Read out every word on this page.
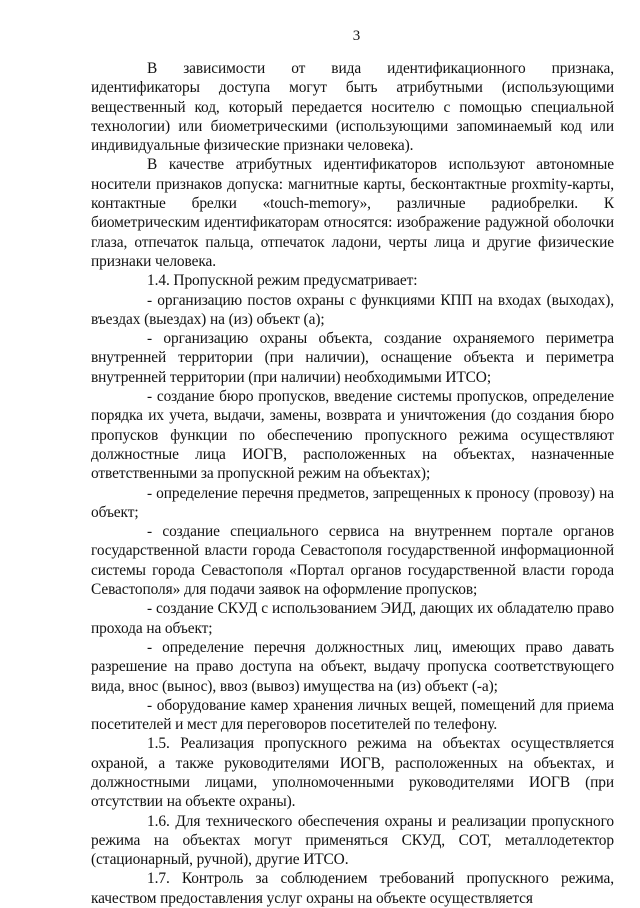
3

В зависимости от вида идентификационного признака, идентификаторы доступа могут быть атрибутными (использующими вещественный код, который передается носителю с помощью специальной технологии) или биометрическими (использующими запоминаемый код или индивидуальные физические признаки человека).

В качестве атрибутных идентификаторов используют автономные носители признаков допуска: магнитные карты, бесконтактные proxmity-карты, контактные брелки «touch-memory», различные радиобрелки. К биометрическим идентификаторам относятся: изображение радужной оболочки глаза, отпечаток пальца, отпечаток ладони, черты лица и другие физические признаки человека.

1.4. Пропускной режим предусматривает:

- организацию постов охраны с функциями КПП на входах (выходах), въездах (выездах) на (из) объект (а);

- организацию охраны объекта, создание охраняемого периметра внутренней территории (при наличии), оснащение объекта и периметра внутренней территории (при наличии) необходимыми ИТСО;

- создание бюро пропусков, введение системы пропусков, определение порядка их учета, выдачи, замены, возврата и уничтожения (до создания бюро пропусков функции по обеспечению пропускного режима осуществляют должностные лица ИОГВ, расположенных на объектах, назначенные ответственными за пропускной режим на объектах);

- определение перечня предметов, запрещенных к проносу (провозу) на объект;

- создание специального сервиса на внутреннем портале органов государственной власти города Севастополя государственной информационной системы города Севастополя «Портал органов государственной власти города Севастополя» для подачи заявок на оформление пропусков;

- создание СКУД с использованием ЭИД, дающих их обладателю право прохода на объект;

- определение перечня должностных лиц, имеющих право давать разрешение на право доступа на объект, выдачу пропуска соответствующего вида, внос (вынос), ввоз (вывоз) имущества на (из) объект (-а);

- оборудование камер хранения личных вещей, помещений для приема посетителей и мест для переговоров посетителей по телефону.

1.5. Реализация пропускного режима на объектах осуществляется охраной, а также руководителями ИОГВ, расположенных на объектах, и должностными лицами, уполномоченными руководителями ИОГВ (при отсутствии на объекте охраны).

1.6. Для технического обеспечения охраны и реализации пропускного режима на объектах могут применяться СКУД, СОТ, металлодетектор (стационарный, ручной), другие ИТСО.

1.7. Контроль за соблюдением требований пропускного режима, качеством предоставления услуг охраны на объекте осуществляется
